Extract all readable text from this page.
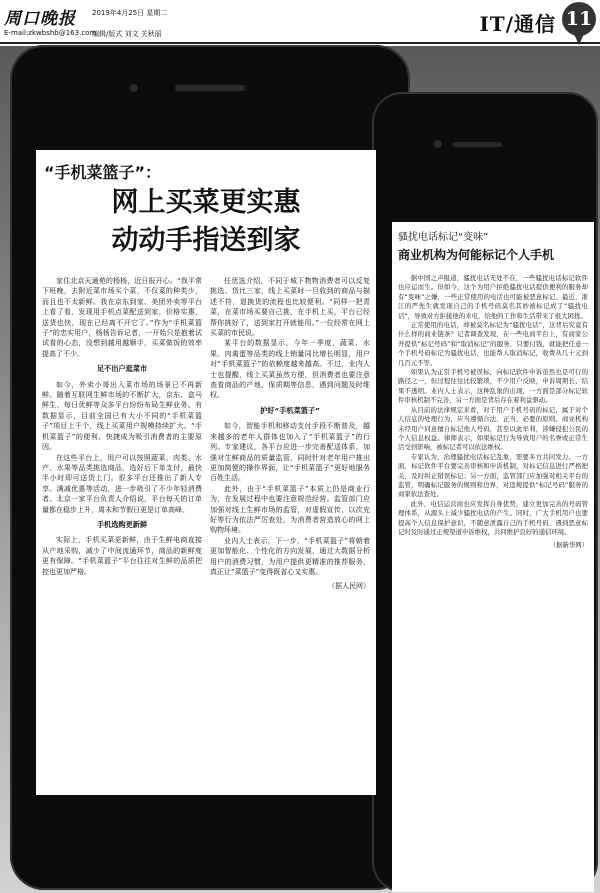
周口晚报
E-mail:zkwbshb@163.com
2019年4月25日 星期二
编辑/版式 刘文 关秋丽	IT/通信 11
“手机菜篮子”：
网上买菜更实惠
动动手指送到家

家住北京天通苑的杨杨，近日报开心。“我平常下班晚，去附近菜市场买个菜，不仅菜的种类少，而且也不太新鲜。我在京东到家、美团外卖等平台上看了看，发现用手机点菜配送到家，价格实惠，送货也快，现在已经离不开它了。”作为“手机菜篮子”的忠实用户，杨杨告诉记者，一开始只是抱着试试看的心态，没想到越用越顺手，买菜做饭的效率提高了不少。

足不出户逛菜市

如今，外卖小哥出入菜市场的场景已不再新鲜。随着互联网生鲜市场的不断扩大，京东、盒马鲜生、每日优鲜等众多平台纷纷布局生鲜业务。有数据显示，目前全国已有大小不同的“手机菜篮子”项目上千个，线上买菜用户规模持续扩大。“手机菜篮子”的便利、快捷成为吸引消费者的主要原因。

在这些平台上，用户可以按照蔬菜、肉类、水产、水果等品类挑选商品，选好后下单支付，最快半小时即可送货上门。很多平台还推出了新人专享、满减优惠等活动，进一步吸引了不少年轻消费者。北京一家平台负责人介绍说，平台每天的订单量都在稳步上升，周末和节假日更是订单高峰。

手机选购更新鲜

实际上，手机买菜更新鲜，由于生鲜电商直接从产地采购，减少了中间流通环节，商品的新鲜度更有保障。“手机菜篮子”平台往往对生鲜的品质把控也更加严格。

任优选介绍，不同于城下物物消费者可以反复挑选、货比三家，线上买菜时一旦收到的商品与描述不符，退换货的流程也比较便利。“同样一把青菜，在菜市场买要自己挑，在手机上买，平台已经帮你挑好了，送到家打开就能用。”一位经常在网上买菜的市民说。

某平台的数据显示，今年一季度，蔬菜、水果、肉禽蛋等品类的线上销量同比增长明显，用户对“手机菜篮子”的依赖度越来越高。不过，业内人士也提醒，线上买菜虽然方便，但消费者也要注意查看商品的产地、保质期等信息，遇到问题及时维权。

护好“手机菜篮子”

如今，智能手机和移动支付手段不断普及，越来越多的老年人群体也加入了“手机菜篮子”的行列。专家建议，各平台应进一步完善配送体系，加强对生鲜商品的质量监管，同时针对老年用户推出更加简便的操作界面，让“手机菜篮子”更好地服务百姓生活。

此外，由于“手机菜篮子”本质上仍是商业行为，在发展过程中也要注意规范经营。监管部门应加强对线上生鲜市场的监管，对虚假宣传、以次充好等行为依法严厉查处，为消费者营造放心的网上购物环境。

业内人士表示，下一步，“手机菜篮子”将朝着更加智能化、个性化的方向发展，通过大数据分析用户的消费习惯，为用户提供更精准的推荐服务，真正让“菜篮子”变得既省心又实惠。

（据人民网）
骚扰电话标记“变味”
商业机构为何能标记个人手机

据中国之声报道，骚扰电话无处不在，一些骚扰电话标记软件也应运而生。但如今，这个为用户拒绝骚扰电话提供便利的服务却有“变味”之嫌，一些正常使用的电话也可能被恶意标记。最近，浙江的严先生就发现自己的手机号码莫名其妙被标记成了“骚扰电话”，导致对方拒接他的来电，给他的工作和生活带来了很大困扰。

正常使用的电话，却被莫名标记为“骚扰电话”，这背后究竟有什么样的商业链条？记者调查发现，在一些电商平台上，有商家公开提供“标记号码”和“取消标记”的服务，只要付钱，就能把任意一个手机号码标记为骚扰电话，也能帮人取消标记，收费从几十元到几百元不等。

如果认为正常手机号被误标，向标记软件申诉虽然也是可行的路径之一，但过程往往比较繁琐，不少用户反映，申诉周期长、结果不透明。业内人士表示，这种乱象的出现，一方面是部分标记软件审核机制不完善，另一方面是背后存在着利益驱动。

从目前的法律规定来看，对于用户手机号码的标记，属于对个人信息的处理行为，应当遵循合法、正当、必要的原则。商业机构未经用户同意擅自标记他人号码，甚至以此牟利，涉嫌侵犯公民的个人信息权益。律师表示，如果标记行为导致用户的名誉或正常生活受到影响，被标记者可以依法维权。

专家认为，治理骚扰电话标记乱象，需要多方共同发力。一方面，标记软件平台要完善审核和申诉机制，对标记信息进行严格把关，及时纠正错误标记；另一方面，监管部门应加强对相关平台的监管，明确标记服务的规则和边界，对违规提供“标记号码”服务的商家依法查处。

此外，电信运营商也应发挥自身优势，建立更加完善的号码管理体系，从源头上减少骚扰电话的产生。同时，广大手机用户也要提高个人信息保护意识，不随意泄露自己的手机号码，遇到恶意标记时及时通过正规渠道申诉维权，共同维护良好的通信环境。

（据新华网）
